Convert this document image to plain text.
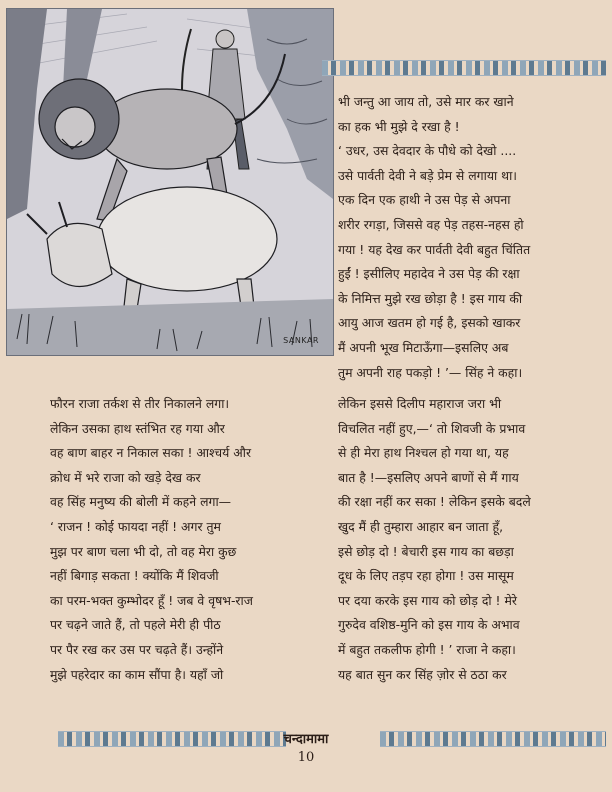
SANKAR
भी जन्तु आ जाय तो, उसे मार कर खाने
का हक भी मुझे दे रखा है !
‘ उधर, उस देवदार के पौधे को देखो ....
उसे पार्वती देवी ने बड़े प्रेम से लगाया था।
एक दिन एक हाथी ने उस पेड़ से अपना
शरीर रगड़ा, जिससे वह पेड़ तहस-नहस हो
गया ! यह देख कर पार्वती देवी बहुत चिंतित
हुईं ! इसीलिए महादेव ने उस पेड़ की रक्षा
के निमित्त मुझे रख छोड़ा है ! इस गाय की
आयु आज खतम हो गई है, इसको खाकर
मैं अपनी भूख मिटाऊँगा—इसलिए अब
तुम अपनी राह पकड़ो ! ’— सिंह ने कहा।
फौरन राजा तर्कश से तीर निकालने लगा।
लेकिन उसका हाथ स्तंभित रह गया और
वह बाण बाहर न निकाल सका ! आश्चर्य और
क्रोध में भरे राजा को खड़े देख कर
वह सिंह मनुष्य की बोली में कहने लगा—
‘ राजन ! कोई फायदा नहीं ! अगर तुम
मुझ पर बाण चला भी दो, तो वह मेरा कुछ
नहीं बिगाड़ सकता ! क्योंकि मैं शिवजी
का परम-भक्त कुम्भोदर हूँ ! जब वे वृषभ-राज
पर चढ़ने जाते हैं, तो पहले मेरी ही पीठ
पर पैर रख कर उस पर चढ़ते हैं। उन्होंने
मुझे पहरेदार का काम सौंपा है। यहाँ जो
लेकिन इससे दिलीप महाराज जरा भी
विचलित नहीं हुए,—‘ तो शिवजी के प्रभाव
से ही मेरा हाथ निश्चल हो गया था, यह
बात है !—इसलिए अपने बाणों से मैं गाय
की रक्षा नहीं कर सका ! लेकिन इसके बदले
खुद मैं ही तुम्हारा आहार बन जाता हूँ,
इसे छोड़ दो ! बेचारी इस गाय का बछड़ा
दूध के लिए तड़प रहा होगा ! उस मासूम
पर दया करके इस गाय को छोड़ दो ! मेरे
गुरुदेव वशिष्ठ-मुनि को इस गाय के अभाव
में बहुत तकलीफ होगी ! ’ राजा ने कहा।
यह बात सुन कर सिंह ज़ोर से ठठा कर
चन्दामामा
10
